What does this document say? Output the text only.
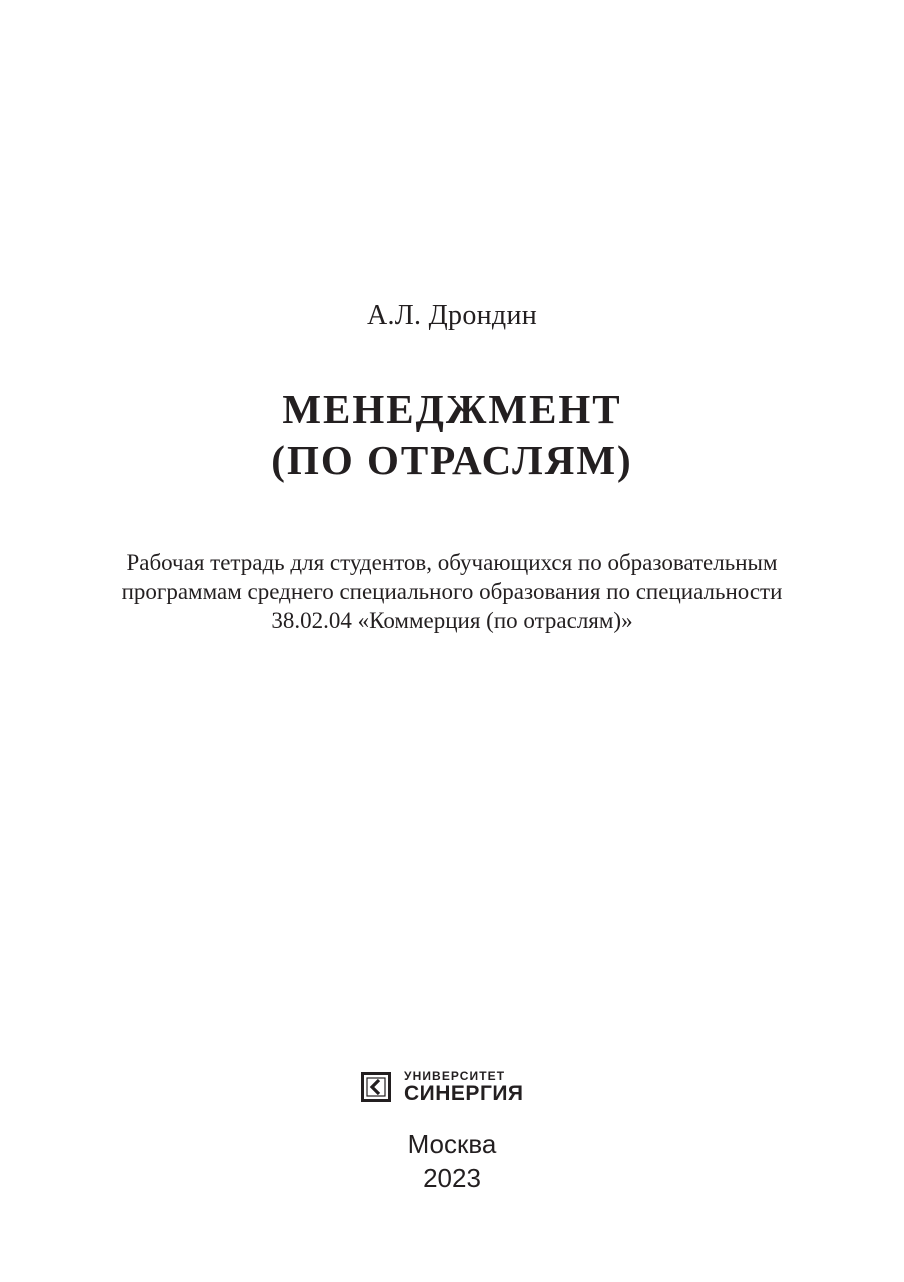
А.Л. Дрондин
МЕНЕДЖМЕНТ
(ПО ОТРАСЛЯМ)
Рабочая тетрадь для студентов, обучающихся по образовательным
программам среднего специального образования по специальности
38.02.04 «Коммерция (по отраслям)»
УНИВЕРСИТЕТ
СИНЕРГИЯ
Москва
2023
